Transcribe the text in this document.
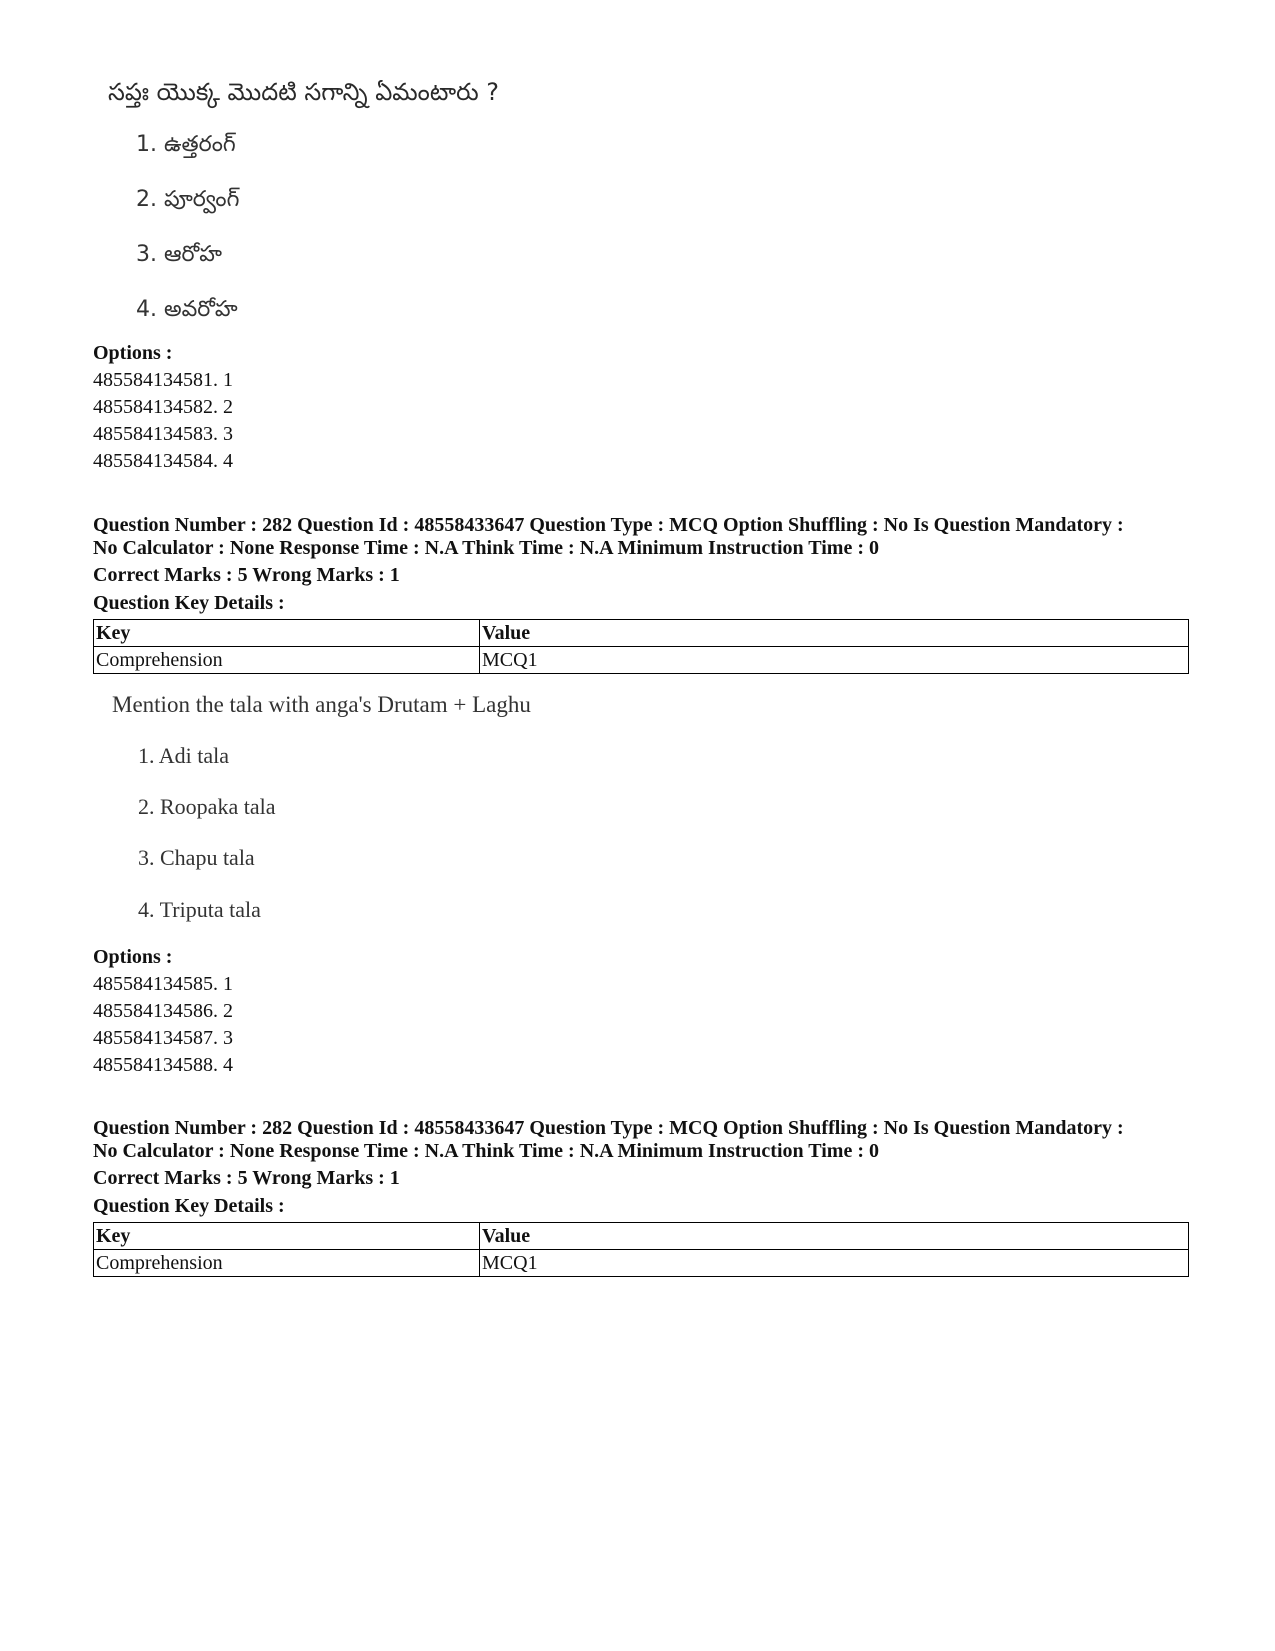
సప్తః యొక్క మొదటి సగాన్ని ఏమంటారు ?
1. ఉత్తరంగ్
2. పూర్వంగ్
3. ఆరోహ
4. అవరోహ
Options :
485584134581. 1
485584134582. 2
485584134583. 3
485584134584. 4
Question Number : 282 Question Id : 48558433647 Question Type : MCQ Option Shuffling : No Is Question Mandatory :
No Calculator : None Response Time : N.A Think Time : N.A Minimum Instruction Time : 0
Correct Marks : 5 Wrong Marks : 1
Question Key Details :
Key	Value
Comprehension	MCQ1
Mention the tala with anga's Drutam + Laghu
1. Adi tala
2. Roopaka tala
3. Chapu tala
4. Triputa tala
Options :
485584134585. 1
485584134586. 2
485584134587. 3
485584134588. 4
Question Number : 282 Question Id : 48558433647 Question Type : MCQ Option Shuffling : No Is Question Mandatory :
No Calculator : None Response Time : N.A Think Time : N.A Minimum Instruction Time : 0
Correct Marks : 5 Wrong Marks : 1
Question Key Details :
Key	Value
Comprehension	MCQ1
